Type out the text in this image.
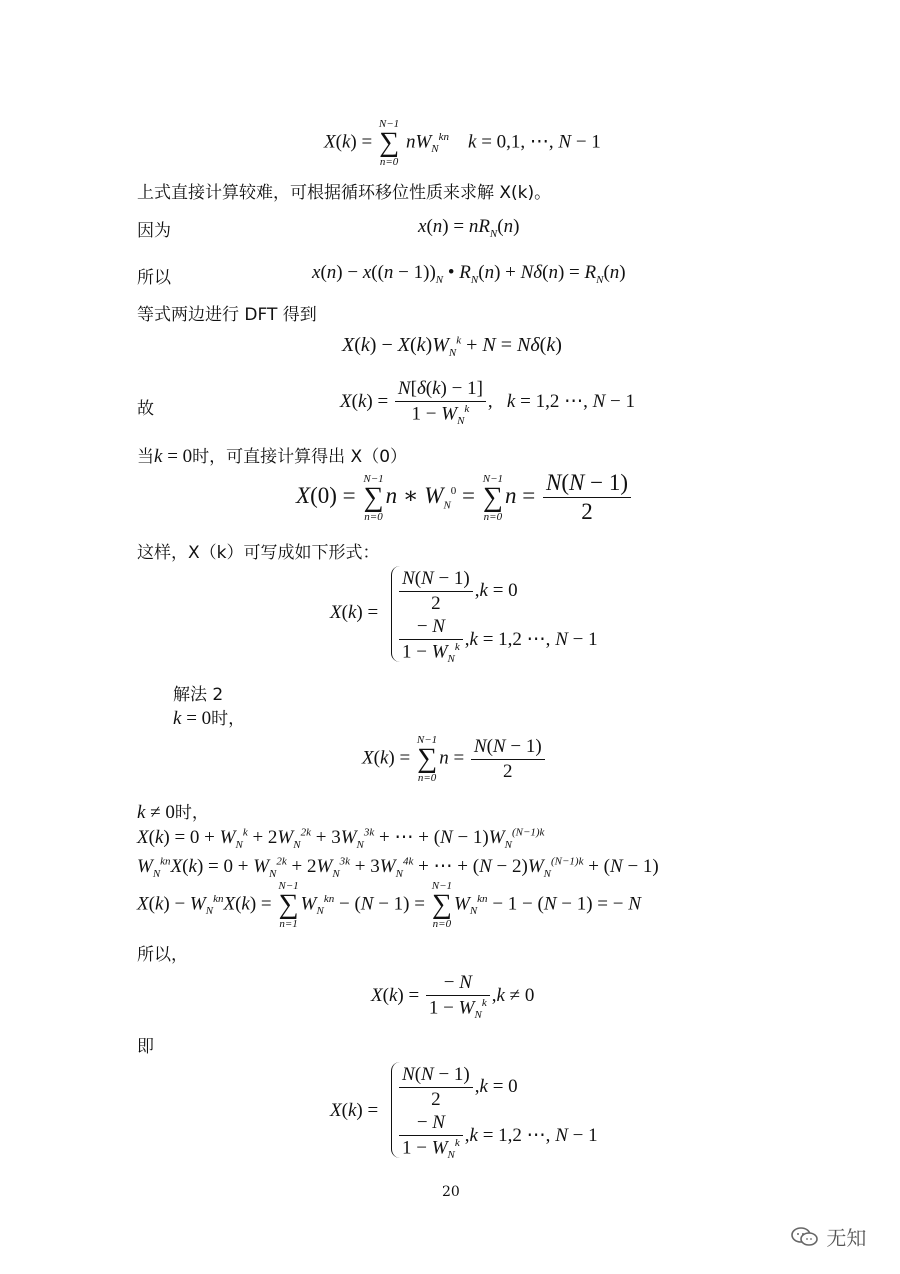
X(k) =
N−1
∑
n=0
$nW_N^{kn}$ k = 0,1, ⋯, N − 1
上式直接计算较难，可根据循环移位性质来求解 X(k)。
因为	$x(n) = nR_N(n)$
所以	$x(n) - x((n - 1))_N$ • $R_N(n) + N\delta(n) = R_N(n)$
等式两边进行 DFT 得到
$X(k) - X(k)W_N^k + N = N\delta(k)$
故	$X(k) = \frac{N[\delta(k) - 1]}{1 - W_N^k}$ ,   k = 1,2 ⋯, N − 1
当k = 0时，可直接计算得出 X（0）
X(0) =
N−1
∑
n=0
n ∗ $W_N^0$ =
N−1
∑
n=0
$n = \frac{N(N - 1)}{2}$
这样，X（k）可写成如下形式：
$X(k) = \frac{N(N - 1)}{2} ,k = 0$
$\frac{- N}{1 - W_N^k} ,k = 1,2$ ⋯, N − 1
解法 2
k = 0时，
X(k) =
N−1
∑
n=0
$n = \frac{N(N - 1)}{2}$
k ≠ 0时，
$X(k) = 0 + W_N^k + 2W_N^{2k} + 3W_N^{3k}$ + ⋯ + $(N - 1)W_N^{(N-1)k}$
$W_N^{kn}X(k) = 0 + W_N^{2k} + 2W_N^{3k} + 3W_N^{4k}$ + ⋯ + $(N - 2)W_N^{(N-1)k} + (N - 1)$
$X(k) - W_N^{kn}X(k)$ =
N−1
∑
n=1
$W_N^{kn} - (N - 1)$ =
N−1
∑
n=0
$W_N^{kn} - 1 - (N - 1)$ = − N
所以，
$X(k) = \frac{- N}{1 - W_N^k} ,k \ne 0$
即
$X(k) = \frac{N(N - 1)}{2} ,k = 0$
$\frac{- N}{1 - W_N^k} ,k = 1,2$ ⋯, N − 1
20
无知
